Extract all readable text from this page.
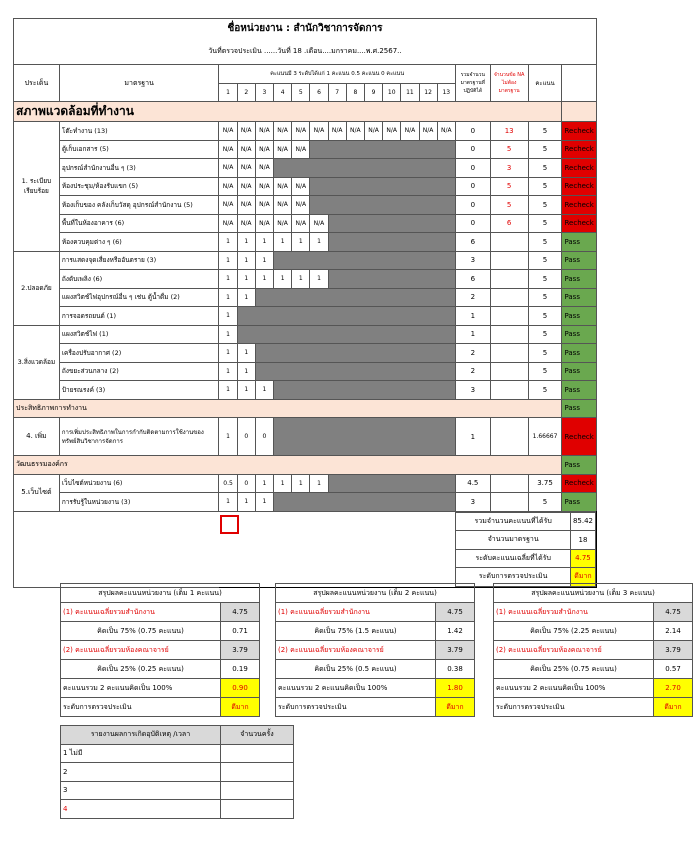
ชื่อหน่วยงาน : สำนักวิชาการจัดการ
วันที่ตรวจประเมิน ......วันที่ 18 .เดือน....มกราคม....พ.ศ.2567..
ประเด็น	มาตรฐาน	คะแนนมี 3 ระดับได้แก่ 1 คะแนน 0.5 คะแนน 0 คะแนน	รวมจำนวนมาตรฐานที่ปฏิบัติได้	จำนวนข้อ NA ไม่ต้องมาตรฐาน	คะแนน	
1	2	3	4	5	6	7	8	9	10	11	12	13
สภาพแวดล้อมที่ทำงาน	
1. ระเบียบเรียบร้อย	โต๊ะทำงาน (13)	N/A	N/A	N/A	N/A	N/A	N/A	N/A	N/A	N/A	N/A	N/A	N/A	N/A	0	13	5	Recheck
ตู้เก็บเอกสาร (5)	N/A	N/A	N/A	N/A	N/A		0	5	5	Recheck
อุปกรณ์สำนักงานอื่น ๆ (3)	N/A	N/A	N/A		0	3	5	Recheck
ห้องประชุม/ห้องรับแขก (5)	N/A	N/A	N/A	N/A	N/A		0	5	5	Recheck
ห้องเก็บของ คลังเก็บวัสดุ อุปกรณ์สำนักงาน (5)	N/A	N/A	N/A	N/A	N/A		0	5	5	Recheck
พื้นที่ในห้องอาคาร (6)	N/A	N/A	N/A	N/A	N/A	N/A		0	6	5	Recheck
ห้องควบคุมต่าง ๆ (6)	1	1	1	1	1	1		6		5	Pass
2.ปลอดภัย	การแสดงจุดเสี่ยงหรืออันตราย (3)	1	1	1		3		5	Pass
ถังดับเพลิง (6)	1	1	1	1	1	1		6		5	Pass
แผงสวิตช์ไฟอุปกรณ์อื่น ๆ เช่น ตู้น้ำดื่ม (2)	1	1		2		5	Pass
การจอดรถยนต์ (1)	1		1		5	Pass
3.สิ่งแวดล้อม	แผงสวิตช์ไฟ (1)	1		1		5	Pass
เครื่องปรับอากาศ (2)	1	1		2		5	Pass
ถังขยะส่วนกลาง (2)	1	1		2		5	Pass
ป้ายรณรงค์ (3)	1	1	1		3		5	Pass
ประสิทธิภาพการทำงาน	Pass
4. เพิ่ม	การเพิ่มประสิทธิภาพในการกำกับติดตามการใช้งานของทรัพย์สินวิชาการจัดการ	1	0	0		1		1.66667	Recheck
วัฒนธรรมองค์กร	Pass
5.เว็บไซต์	เว็บไซต์หน่วยงาน (6)	0.5	0	1	1	1	1		4.5		3.75	Recheck
การรับรู้ในหน่วยงาน (3)	1	1	1		3		5	Pass

รวมจำนวนคะแนนที่ได้รับ	85.42
จำนวนมาตรฐาน	18
ระดับคะแนนเฉลี่ยที่ได้รับ	4.75
ระดับการตรวจประเมิน	ดีมาก

สรุปผลคะแนนหน่วยงาน (เต็ม 1 คะแนน)	
(1) คะแนนเฉลี่ยรวมสำนักงาน	4.75
คิดเป็น 75% (0.75 คะแนน)	0.71
(2) คะแนนเฉลี่ยรวมห้องคณาจารย์	3.79
คิดเป็น 25% (0.25 คะแนน)	0.19
คะแนนรวม 2 คะแนนคิดเป็น 100%	0.90
ระดับการตรวจประเมิน	ดีมาก
สรุปผลคะแนนหน่วยงาน (เต็ม 2 คะแนน)	
(1) คะแนนเฉลี่ยรวมสำนักงาน	4.75
คิดเป็น 75% (1.5 คะแนน)	1.42
(2) คะแนนเฉลี่ยรวมห้องคณาจารย์	3.79
คิดเป็น 25% (0.5 คะแนน)	0.38
คะแนนรวม 2 คะแนนคิดเป็น 100%	1.80
ระดับการตรวจประเมิน	ดีมาก
สรุปผลคะแนนหน่วยงาน (เต็ม 3 คะแนน)	
(1) คะแนนเฉลี่ยรวมสำนักงาน	4.75
คิดเป็น 75% (2.25 คะแนน)	2.14
(2) คะแนนเฉลี่ยรวมห้องคณาจารย์	3.79
คิดเป็น 25% (0.75 คะแนน)	0.57
คะแนนรวม 2 คะแนนคิดเป็น 100%	2.70
ระดับการตรวจประเมิน	ดีมาก
รายงานผลการเกิดอุบัติเหตุ /เวลา	จำนวนครั้ง
1 ไม่มี	
2	
3	
4	
